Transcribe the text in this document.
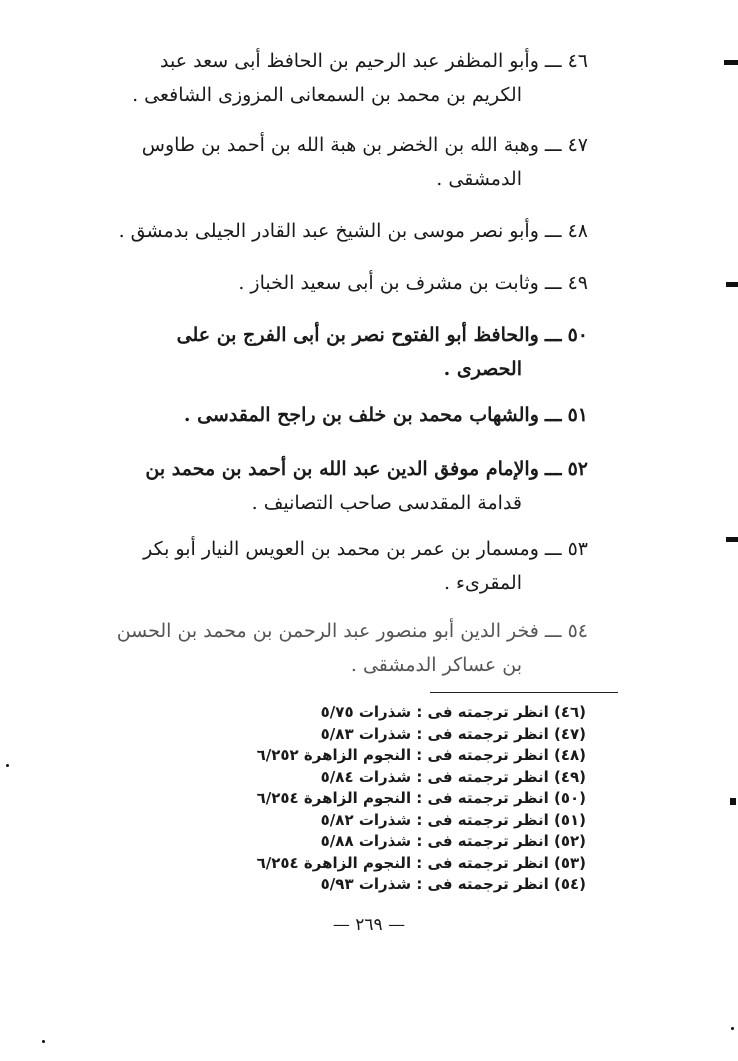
٤٦ـــوأبو المظفر عبد الرحيم بن الحافظ أبى سعد عبد
الكريم بن محمد بن السمعانى المزوزى الشافعى .
٤٧ـــوهبة الله بن الخضر بن هبة الله بن أحمد بن طاوس
الدمشقى .
٤٨ـــوأبو نصر موسى بن الشيخ عبد القادر الجيلى بدمشق .
٤٩ـــوثابت بن مشرف بن أبى سعيد الخباز .
٥٠ـــوالحافظ أبو الفتوح نصر بن أبى الفرج بن على
الحصرى .
٥١ـــوالشهاب محمد بن خلف بن راجح المقدسى .
٥٢ـــوالإمام موفق الدين عبد الله بن أحمد بن محمد بن
قدامة المقدسى صاحب التصانيف .
٥٣ـــومسمار بن عمر بن محمد بن العويس النيار أبو بكر
المقرىء .
٥٤ـــفخر الدين أبو منصور عبد الرحمن بن محمد بن الحسن
بن عساكر الدمشقى .
(٤٦) انظر ترجمته فى : شذرات ٥/٧٥
(٤٧) انظر ترجمته فى : شذرات ٥/٨٣
(٤٨) انظر ترجمته فى : النجوم الزاهرة ٦/٢٥٢
(٤٩) انظر ترجمته فى : شذرات ٥/٨٤
(٥٠) انظر ترجمته فى : النجوم الزاهرة ٦/٢٥٤
(٥١) انظر ترجمته فى : شذرات ٥/٨٢
(٥٢) انظر ترجمته فى : شذرات ٥/٨٨
(٥٣) انظر ترجمته فى : النجوم الزاهرة ٦/٢٥٤
(٥٤) انظر ترجمته فى : شذرات ٥/٩٣
— ٢٦٩ —
